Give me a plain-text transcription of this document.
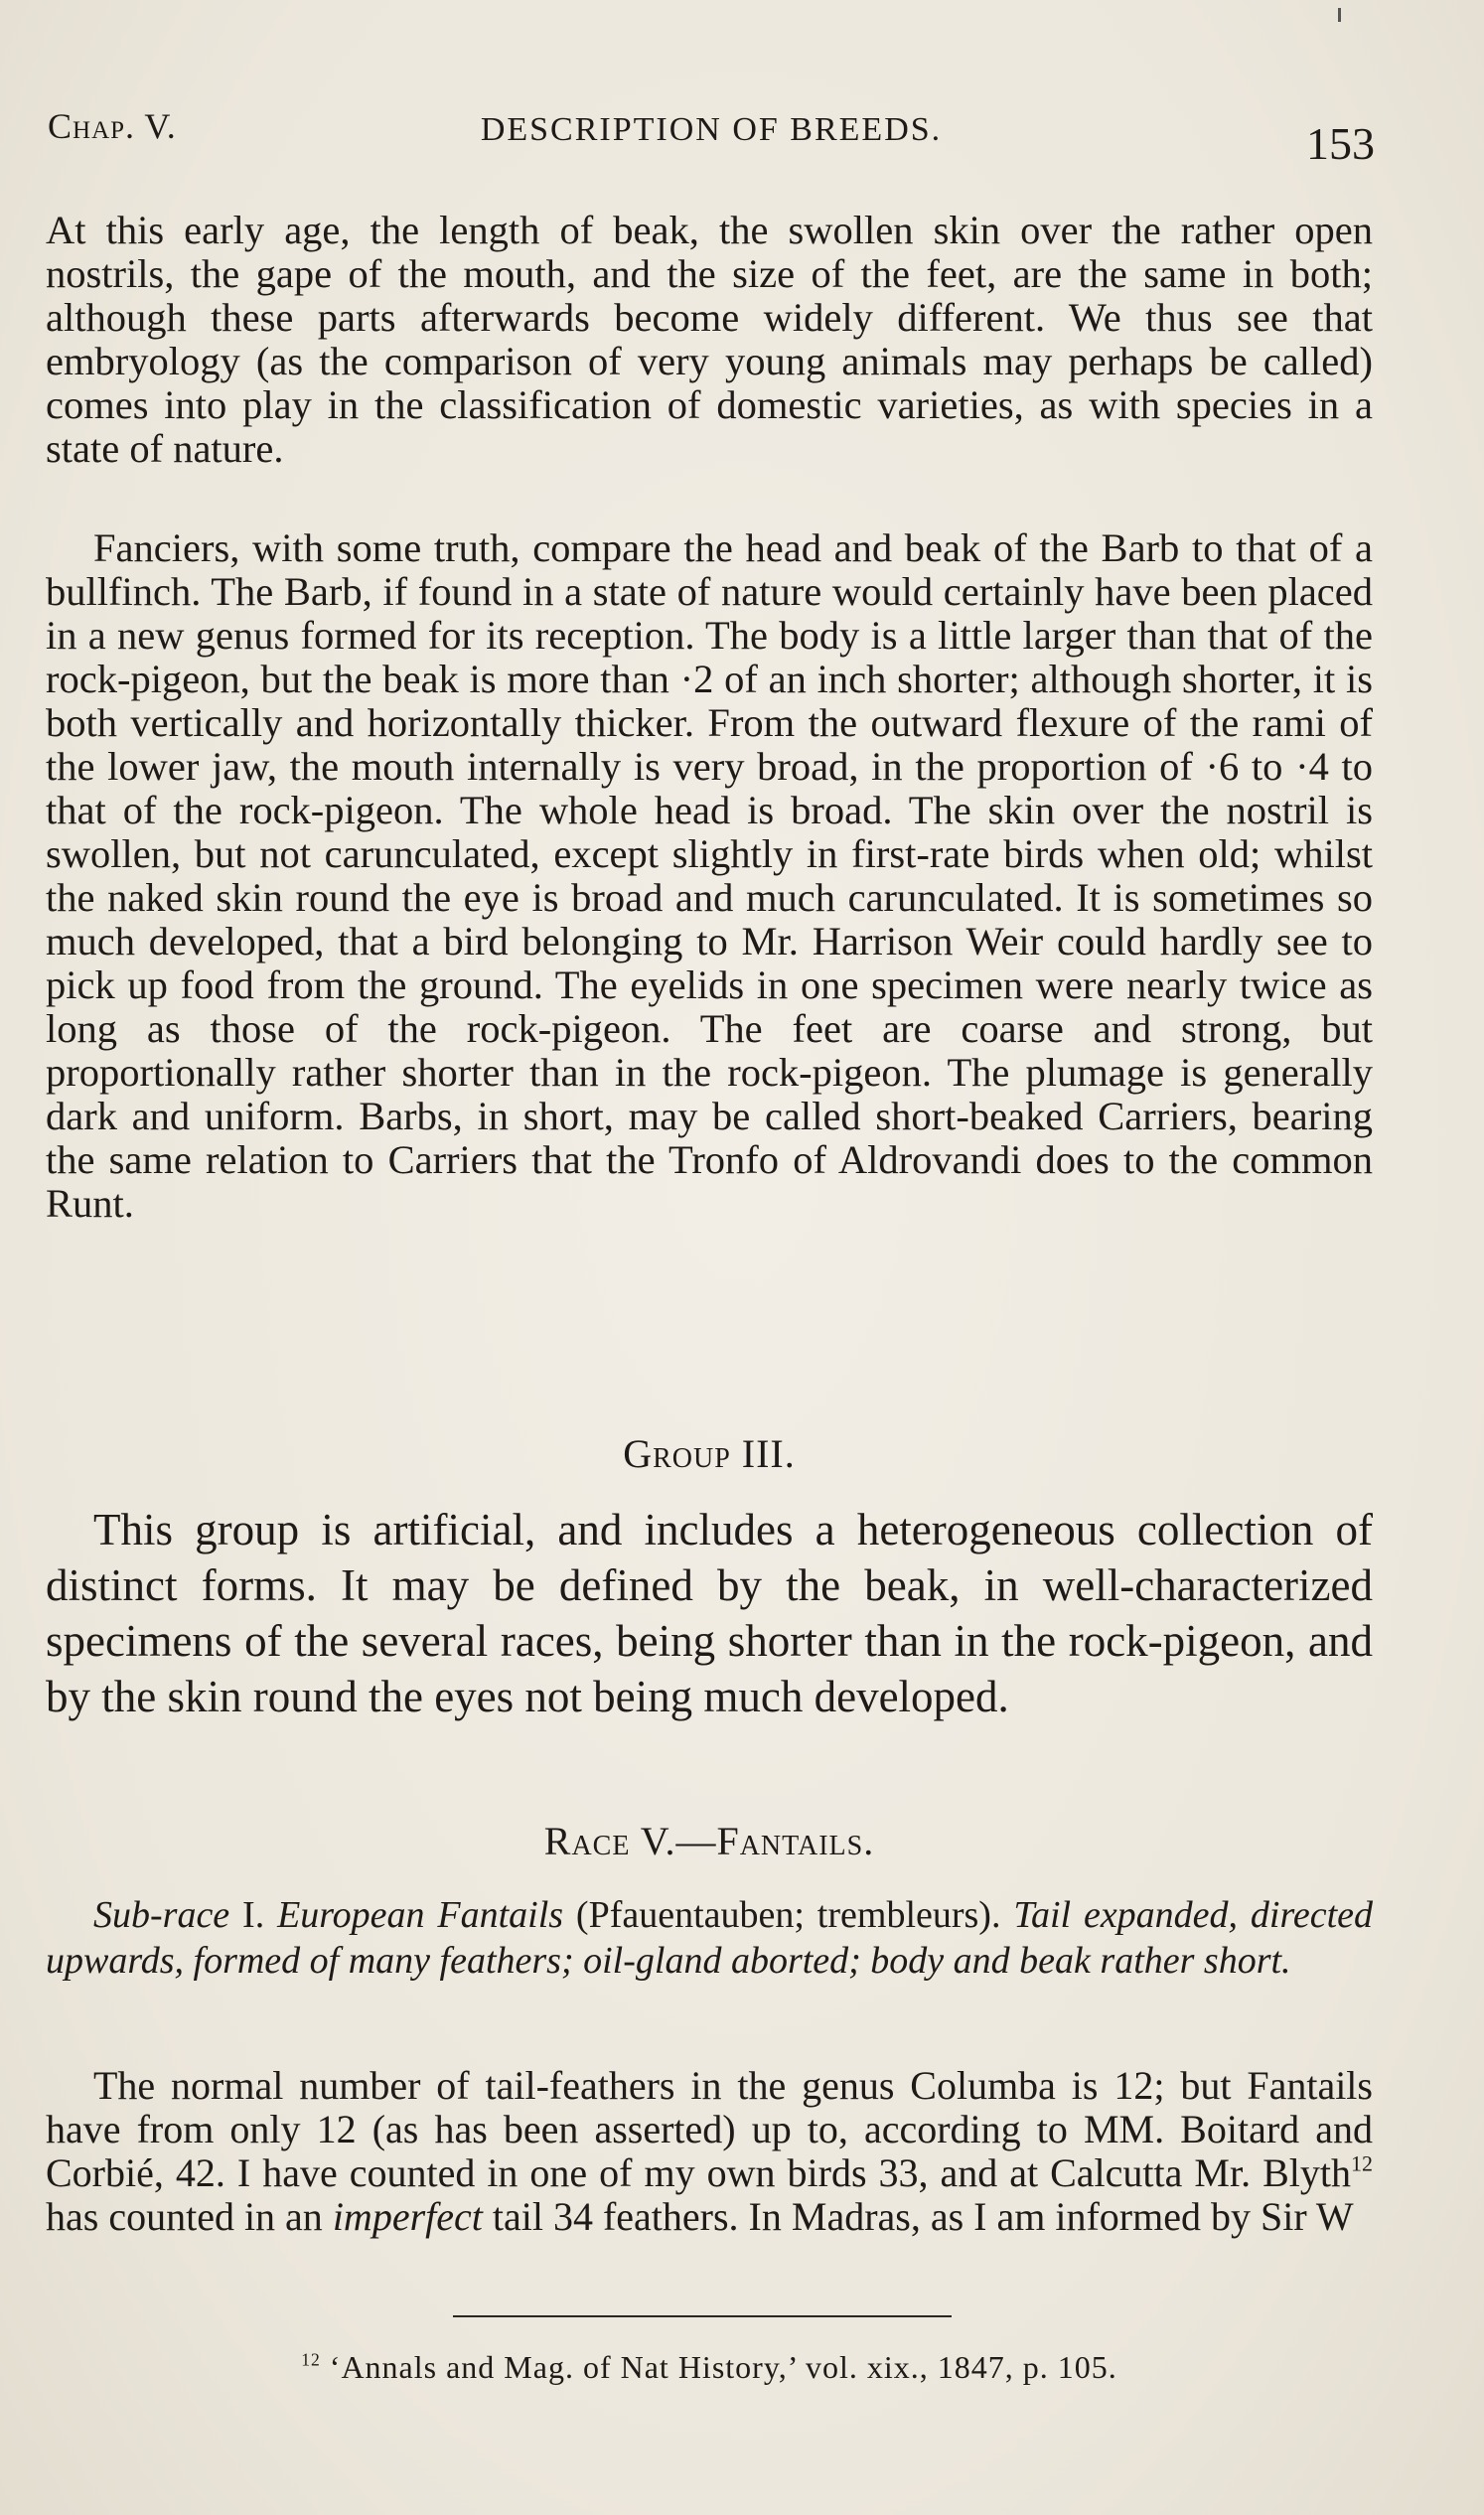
Chap. V.	DESCRIPTION OF BREEDS.	153

At this early age, the length of beak, the swollen skin over the rather open nostrils, the gape of the mouth, and the size of the feet, are the same in both; although these parts afterwards become widely different. We thus see that embryology (as the comparison of very young animals may perhaps be called) comes into play in the classification of domestic varieties, as with species in a state of nature.

Fanciers, with some truth, compare the head and beak of the Barb to that of a bullfinch. The Barb, if found in a state of nature would certainly have been placed in a new genus formed for its reception. The body is a little larger than that of the rock-pigeon, but the beak is more than ·2 of an inch shorter; although shorter, it is both vertically and horizontally thicker. From the outward flexure of the rami of the lower jaw, the mouth internally is very broad, in the proportion of ·6 to ·4 to that of the rock-pigeon. The whole head is broad. The skin over the nostril is swollen, but not carunculated, except slightly in first-rate birds when old; whilst the naked skin round the eye is broad and much carunculated. It is sometimes so much developed, that a bird belonging to Mr. Harrison Weir could hardly see to pick up food from the ground. The eyelids in one specimen were nearly twice as long as those of the rock-pigeon. The feet are coarse and strong, but proportionally rather shorter than in the rock-pigeon. The plumage is generally dark and uniform. Barbs, in short, may be called short-beaked Carriers, bearing the same relation to Carriers that the Tronfo of Aldrovandi does to the common Runt.

Group III.

This group is artificial, and includes a heterogeneous collection of distinct forms. It may be defined by the beak, in well-characterized specimens of the several races, being shorter than in the rock-pigeon, and by the skin round the eyes not being much developed.

Race V.—Fantails.

Sub-race I. European Fantails (Pfauentauben; trembleurs). Tail expanded, directed upwards, formed of many feathers; oil-gland aborted; body and beak rather short.

The normal number of tail-feathers in the genus Columba is 12; but Fantails have from only 12 (as has been asserted) up to, according to MM. Boitard and Corbié, 42. I have counted in one of my own birds 33, and at Calcutta Mr. Blyth$^{12}$ has counted in an imperfect tail 34 feathers. In Madras, as I am informed by Sir W

$^{12}$ ‘Annals and Mag. of Nat History,’ vol. xix., 1847, p. 105.
